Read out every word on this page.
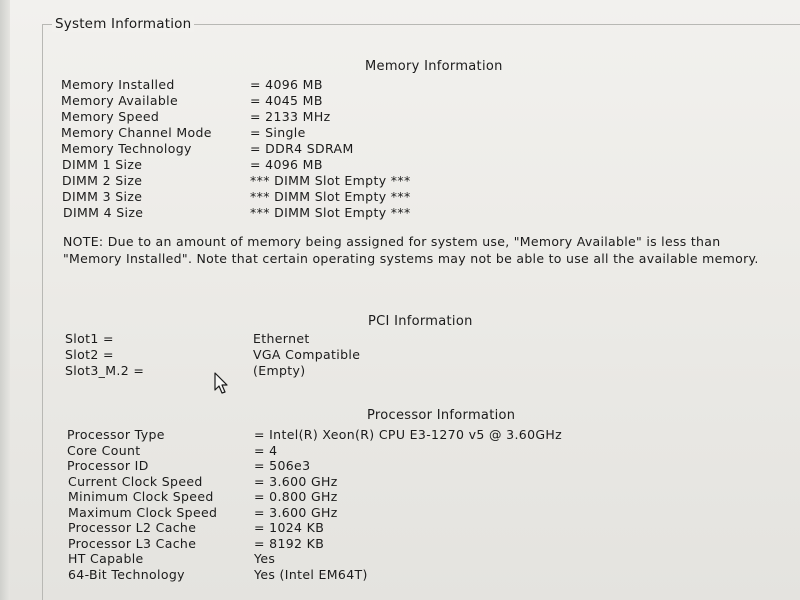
System Information
Memory Information
Memory Installed	= 4096 MB
Memory Available	= 4045 MB
Memory Speed	= 2133 MHz
Memory Channel Mode	= Single
Memory Technology	= DDR4 SDRAM
DIMM 1 Size	= 4096 MB
DIMM 2 Size	*** DIMM Slot Empty ***
DIMM 3 Size	*** DIMM Slot Empty ***
DIMM 4 Size	*** DIMM Slot Empty ***
NOTE: Due to an amount of memory being assigned for system use, "Memory Available" is less than "Memory Installed". Note that certain operating systems may not be able to use all the available memory.
PCI Information
Slot1 =	Ethernet
Slot2 =	VGA Compatible
Slot3_M.2 =	(Empty)
Processor Information
Processor Type	= Intel(R) Xeon(R) CPU E3-1270 v5 @ 3.60GHz
Core Count	= 4
Processor ID	= 506e3
Current Clock Speed	= 3.600 GHz
Minimum Clock Speed	= 0.800 GHz
Maximum Clock Speed	= 3.600 GHz
Processor L2 Cache	= 1024 KB
Processor L3 Cache	= 8192 KB
HT Capable	Yes
64-Bit Technology	Yes (Intel EM64T)
